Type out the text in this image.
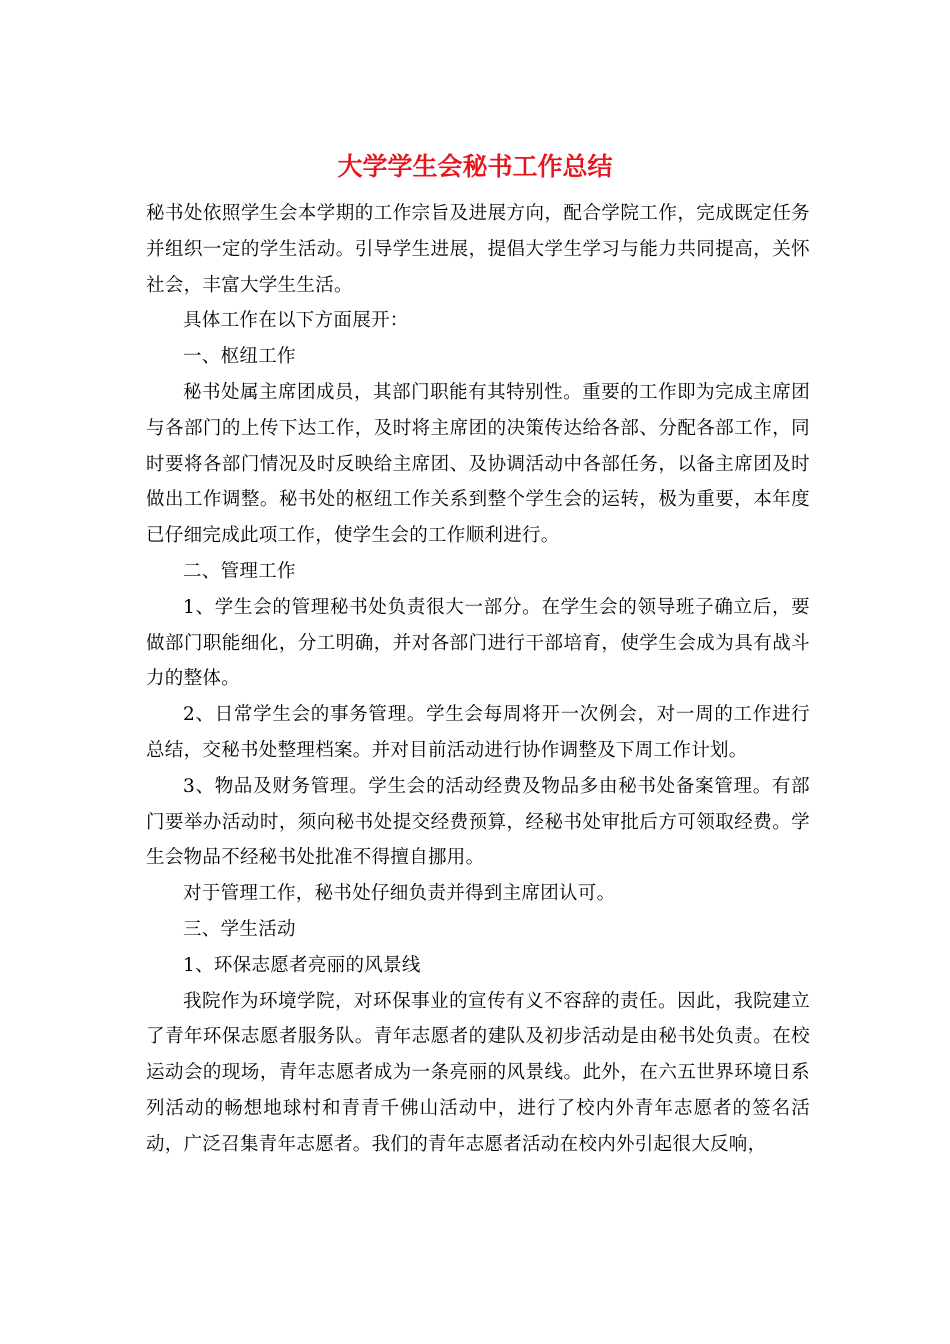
大学学生会秘书工作总结

秘书处依照学生会本学期的工作宗旨及进展方向，配合学院工作，完成既定任务并组织一定的学生活动。引导学生进展，提倡大学生学习与能力共同提高，关怀社会，丰富大学生生活。

具体工作在以下方面展开：

一、枢纽工作

秘书处属主席团成员，其部门职能有其特别性。重要的工作即为完成主席团与各部门的上传下达工作，及时将主席团的决策传达给各部、分配各部工作，同时要将各部门情况及时反映给主席团、及协调活动中各部任务，以备主席团及时做出工作调整。秘书处的枢纽工作关系到整个学生会的运转，极为重要，本年度已仔细完成此项工作，使学生会的工作顺利进行。

二、管理工作

1、学生会的管理秘书处负责很大一部分。在学生会的领导班子确立后，要做部门职能细化，分工明确，并对各部门进行干部培育，使学生会成为具有战斗力的整体。

2、日常学生会的事务管理。学生会每周将开一次例会，对一周的工作进行总结，交秘书处整理档案。并对目前活动进行协作调整及下周工作计划。

3、物品及财务管理。学生会的活动经费及物品多由秘书处备案管理。有部门要举办活动时，须向秘书处提交经费预算，经秘书处审批后方可领取经费。学生会物品不经秘书处批准不得擅自挪用。

对于管理工作，秘书处仔细负责并得到主席团认可。

三、学生活动

1、环保志愿者亮丽的风景线

我院作为环境学院，对环保事业的宣传有义不容辞的责任。因此，我院建立了青年环保志愿者服务队。青年志愿者的建队及初步活动是由秘书处负责。在校运动会的现场，青年志愿者成为一条亮丽的风景线。此外，在六五世界环境日系列活动的畅想地球村和青青千佛山活动中，进行了校内外青年志愿者的签名活动，广泛召集青年志愿者。我们的青年志愿者活动在校内外引起很大反响，
